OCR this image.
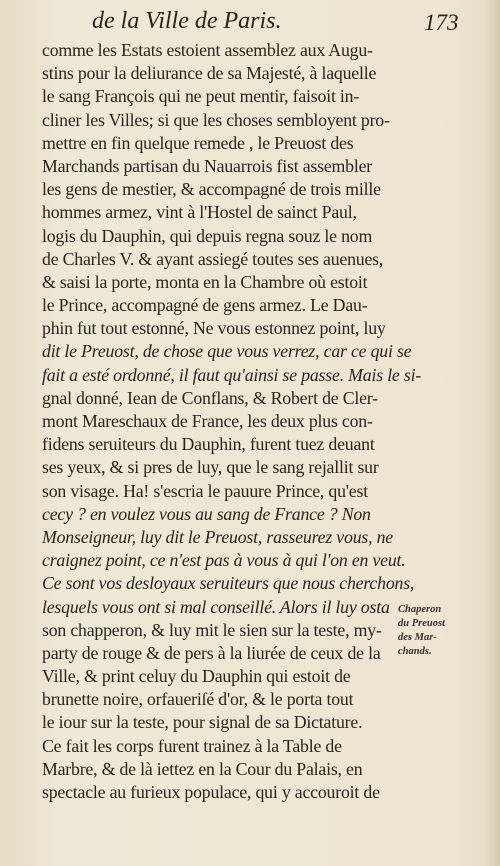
de la Ville de Paris.	173
comme les Estats estoient assemblez aux Augu-
stins pour la deliurance de sa Majesté, à laquelle
le sang François qui ne peut mentir, faisoit in-
cliner les Villes; si que les choses sembloyent pro-
mettre en fin quelque remede , le Preuost des
Marchands partisan du Nauarrois fist assembler
les gens de mestier, & accompagné de trois mille
hommes armez, vint à l'Hostel de sainct Paul,
logis du Dauphin, qui depuis regna souz le nom
de Charles V. & ayant assiegé toutes ses auenues,
& saisi la porte, monta en la Chambre où estoit
le Prince, accompagné de gens armez. Le Dau-
phin fut tout estonné, Ne vous estonnez point, luy
dit le Preuost, de chose que vous verrez, car ce qui se
fait a esté ordonné, il faut qu'ainsi se passe. Mais le si-
gnal donné, Iean de Conflans, & Robert de Cler-
mont Mareschaux de France, les deux plus con-
fidens seruiteurs du Dauphin, furent tuez deuant
ses yeux, & si pres de luy, que le sang rejallit sur
son visage. Ha! s'escria le pauure Prince, qu'est
cecy ? en voulez vous au sang de France ? Non
Monseigneur, luy dit le Preuost, rasseurez vous, ne
craignez point, ce n'est pas à vous à qui l'on en veut.
Ce sont vos desloyaux seruiteurs que nous cherchons,
lesquels vous ont si mal conseillé. Alors il luy osta
son chapperon, & luy mit le sien sur la teste, my-
party de rouge & de pers à la liurée de ceux de la
Ville, & print celuy du Dauphin qui estoit de
brunette noire, orfaueriſé d'or, & le porta tout
le iour sur la teste, pour signal de sa Dictature.
Ce fait les corps furent trainez à la Table de
Marbre, & de là iettez en la Cour du Palais, en
spectacle au furieux populace, qui y accouroit de
Chaperon
du Preuost
des Mar-
chands.
